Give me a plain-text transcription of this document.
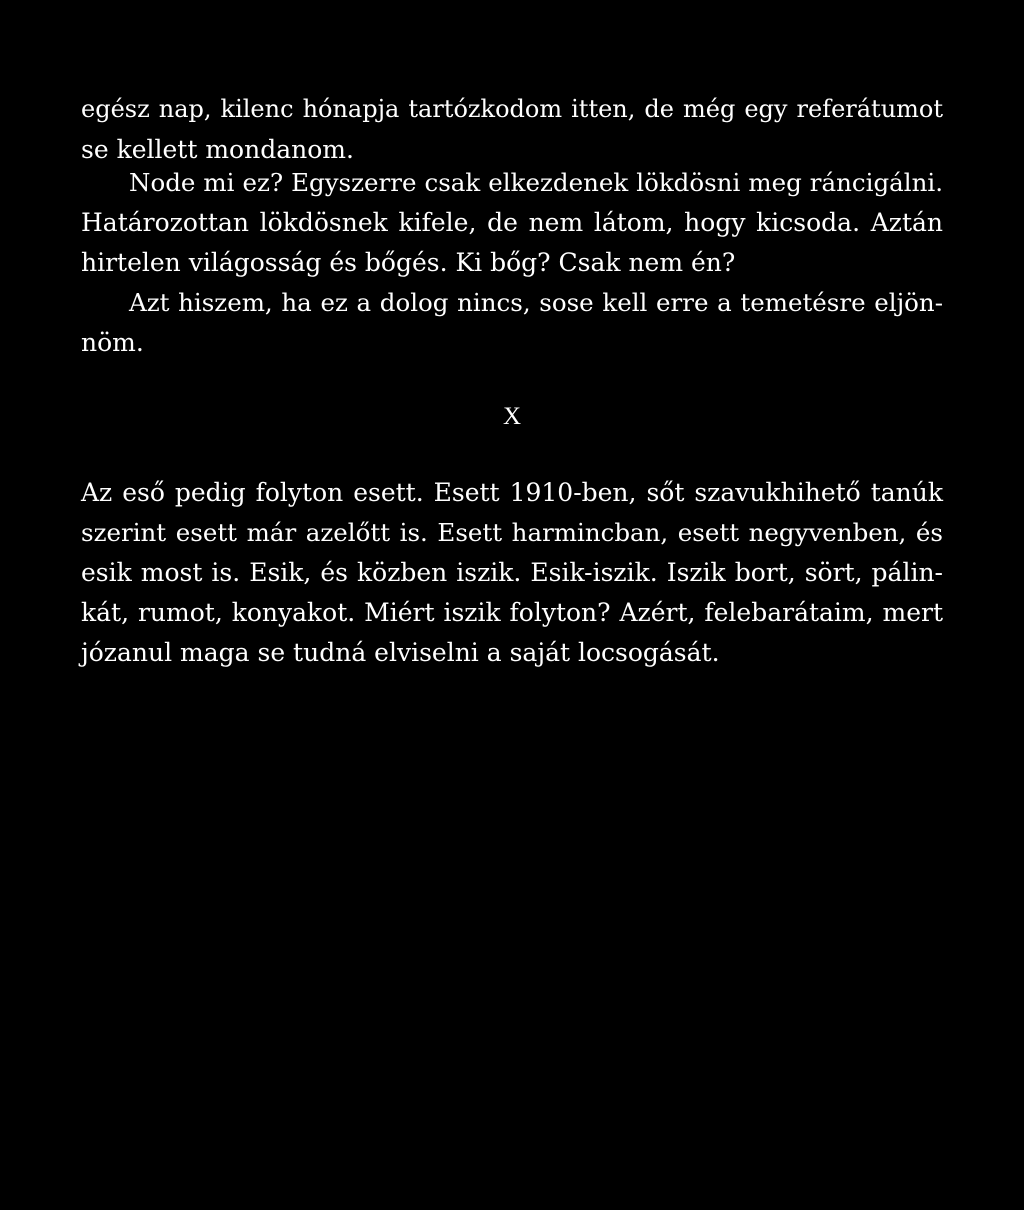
egész nap, kilenc hónapja tartózkodom itten, de még egy referátumot
se kellett mondanom.
Node mi ez? Egyszerre csak elkezdenek lökdösni meg ráncigálni.
Határozottan lökdösnek kifele, de nem látom, hogy kicsoda. Aztán
hirtelen világosság és bőgés. Ki bőg? Csak nem én?
Azt hiszem, ha ez a dolog nincs, sose kell erre a temetésre eljön-
nöm.
X
Az eső pedig folyton esett. Esett 1910-ben, sőt szavukhihető tanúk
szerint esett már azelőtt is. Esett harmincban, esett negyvenben, és
esik most is. Esik, és közben iszik. Esik-iszik. Iszik bort, sört, pálin-
kát, rumot, konyakot. Miért iszik folyton? Azért, felebarátaim, mert
józanul maga se tudná elviselni a saját locsogását.
